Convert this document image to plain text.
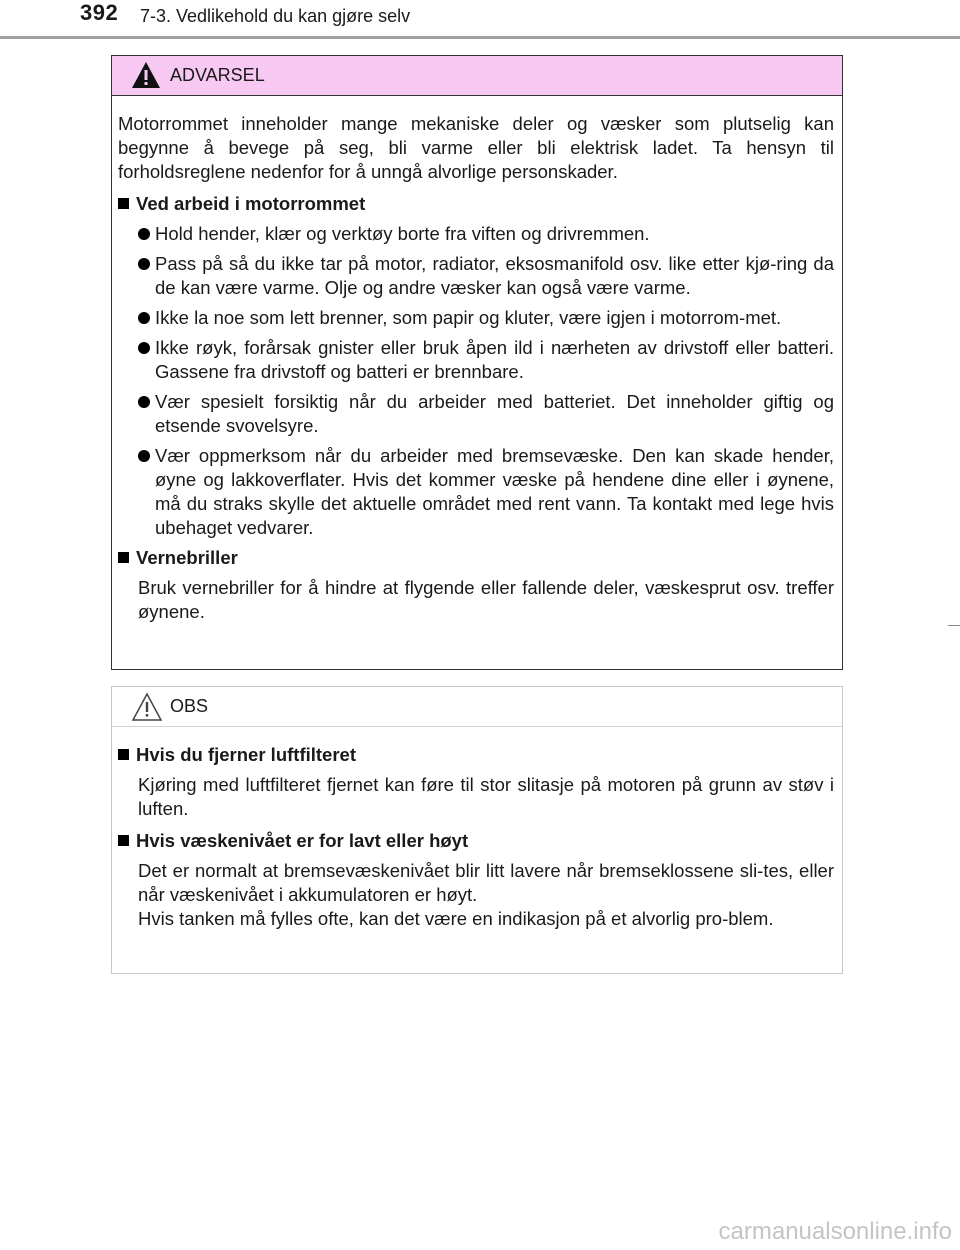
392 7-3. Vedlikehold du kan gjøre selv
ADVARSEL

Motorrommet inneholder mange mekaniske deler og væsker som plutselig kan begynne å bevege på seg, bli varme eller bli elektrisk ladet. Ta hensyn til forholdsreglene nedenfor for å unngå alvorlige personskader.

Ved arbeid i motorrommet
Hold hender, klær og verktøy borte fra viften og drivremmen.
Pass på så du ikke tar på motor, radiator, eksosmanifold osv. like etter kjø-ring da de kan være varme. Olje og andre væsker kan også være varme.
Ikke la noe som lett brenner, som papir og kluter, være igjen i motorrom-met.
Ikke røyk, forårsak gnister eller bruk åpen ild i nærheten av drivstoff eller batteri. Gassene fra drivstoff og batteri er brennbare.
Vær spesielt forsiktig når du arbeider med batteriet. Det inneholder giftig og etsende svovelsyre.
Vær oppmerksom når du arbeider med bremsevæske. Den kan skade hender, øyne og lakkoverflater. Hvis det kommer væske på hendene dine eller i øynene, må du straks skylle det aktuelle området med rent vann. Ta kontakt med lege hvis ubehaget vedvarer.
Vernebriller

Bruk vernebriller for å hindre at flygende eller fallende deler, væskesprut osv. treffer øynene.

OBS
Hvis du fjerner luftfilteret

Kjøring med luftfilteret fjernet kan føre til stor slitasje på motoren på grunn av støv i luften.

Hvis væskenivået er for lavt eller høyt

Det er normalt at bremsevæskenivået blir litt lavere når bremseklossene sli-tes, eller når væskenivået i akkumulatoren er høyt.

Hvis tanken må fylles ofte, kan det være en indikasjon på et alvorlig pro-blem.

carmanualsonline.info
